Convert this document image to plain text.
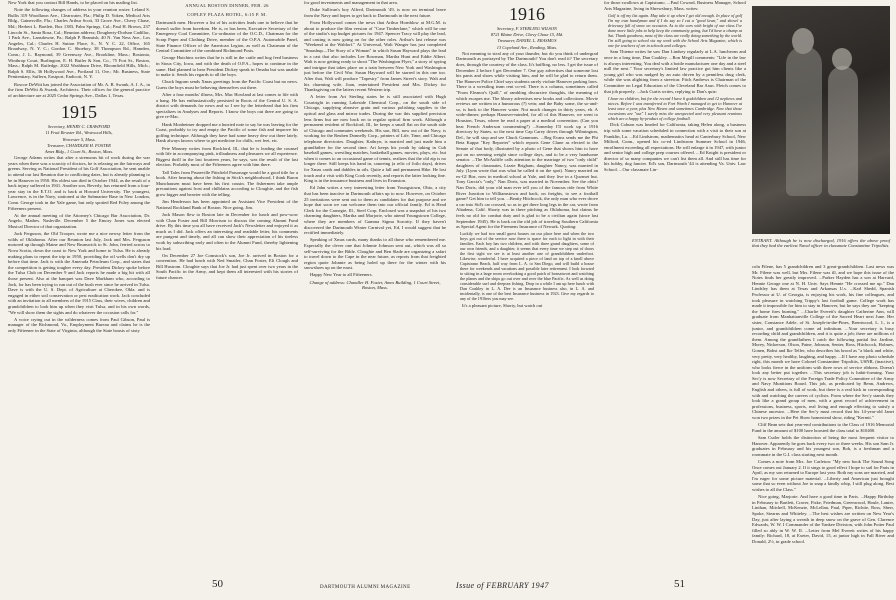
New York that you contact Bill Hands, to be placed on his mailing list.

Note the following changes of address in your reunion roster: Leland S. Bullis 319 Woodlawn Ave., Clearwater, Fla.; Philip D. Yoken, Medical Arts Bldg., Gainesville, Fla.; Charles Arthur Scott, 33 Grove Ave., Chevy Chase, Md.; Herbert L. Bartlett, Box 1383, Palm Springs, Cal.; Paul H. Brown, 237 Lincoln St., Santa Rosa, Cal.; Reunion address; Dougherty-Dodson Cadillac, 1 Park Ave., Lansdowne, Pa.; Ralph P. Beamish, 40 N. Van Ness Ave., Los Angeles, Cal.; Charles H. Sutton Place, S., N. Y. C. 22, Office, 165 Broadway, N. Y. C.; Gordon C. Shoeboy, 38 Thompson Rd., Hamden, Conn.; J. L. Raymond, 39 Greenway Ave., Brookline, Mass.; Bostonia, Winthrop Court, Burlington, E. H. Butler & Son, Co., 75 Fort St., Boston, Mass.; Ralph M. Rutledge, 2022 Washburn Drive, Bloomfield Hills, Mich.; Ralph S. Ellis, 36 Hollywood Ave., Portland 11, Ore.; Mr. Business, State Penitentiary, Suffern, Eastport, Endicott, N. Y.

Roscoe DeWitt has joined the Association of Mr. A. B. Swank, A. I. A., in the firm DeWitt & Swank, Architects. Their offices for the general practice of architecture are at 2025 Cedar Springs Ave., Dallas 1, Texas.

1915
Secretary, HENRY C. CRAWFORD
11 Fruit Rewster Rd., Westwood Hills,
Worcester 5, Mass.
Treasurer, CHANDLER H. FOSTER
Ames Bldg., 1 Court St., Boston, Mass.

George Adams writes that after a strenuous bit of work during the war years when there was a scarcity of doctors, he is relaxing on the fairways and greens. Serving as National President of his Golf Association, he sent unable to attend our last Reunion due to conflicting dates, but is already planning to be in Hanover in 1950. His oldest son died in October 1944, as the result of a back injury suffered in 1941. Another son, Beverly, has returned from a four-year stay in the E.T.O. and is back at Howard University. The youngest, Lawrence, is in the Navy, stationed at the Submarine Base in New London, Conn. George took in the Yale game, but only spotted Red Foley among the Fifteeners present.

At the annual meeting of the Attorney's Chicago Bar Association, Dr. Angelo, Mathes. Nashville. December 5 the Emory Jones was elected Musical Director of that organization.

Jack Ferguson, the Old Trooper, wrote me a nice newsy letter from the wilds of Oklahoma. After our Reunion last July, Jack and Mrs. Ferguson motored up through Maine and New Brunswick to St. John, ferried across to Nova Scotia, down the coast to New York and home to Tulsa. He is already making plans to repeat the trip in 1950, providing the oil wells don't dry up before that time. Jack is with the Amerada Petroleum Corp., and states that the competition is getting tougher every day. President Dickey spoke before the Tulsa Club on December 9 and Jack reports he made a big hit with all those present. Also at the banquet was Dave Markham who, according to Jack, for has been trying to run out of the bush ever since he arrived in Tulsa. Dave is with the U. S. Dept. of Agriculture at Cherokee, Okla. and is engaged in either soil conservation or pest eradication work. Jack concluded with an invitation to all members of the 1915 Class, their wives, children and grandchildren to look him up when they visit Tulsa, and in his own words, "We will show them the sights and do whatever the occasion calls for."

A voice crying out in the wilderness comes from Paul Gibson, Paul is manager of the Richmond, Va., Employment Bureau and claims he is the only Fifteener in the State of Virginia, although the State boasts of sixty

ANNUAL BOSTON DINNER, FEB. 26
COPLEY PLAZA HOTEL, 6:15 P. M.

Dartmouth men. However a list of his activities leads one to believe that he doesn't suffer from boredom. He is, or has been, Executive Secretary of the Emergency Coal Committee, Co-ordinator of the O.C.D., Chairman for the Scrap Paper and Clothing Drive, member of the O.P.A. Automobile Panel, State Finance Officer of the American Legion, as well as Chairman of the Central Committee of the combined Richmond Posts.

George Hutchins writes that he is still in the cattle and hog feed business in Sioux City, Iowa, and with the death of O.P.A., hopes to continue in the same. Had planned to hear President Dickey speak in Omaha but was unable to make it. Sends his regards to all the boys.

Chuck Ingram sends Xmas greetings from the Pacific Coast but no news. Guess the boys must be behaving themselves out there.

After a four months' illness, Mrs. Mac Howland at last comes to life with a bang. He has enthusiastically persisted in Roots of the Central U. S. A. district with demands for news and so I see by the letterhead that his firm specializes in Analyses and Reports. I know the boys out there are going to give re-Mac.

Hank Monheimer dropped me a hurried note to say he was leaving for the Coast, probably to try and empty the Pacific of some fish and improve his golfing technique. Although they have had some heavy dew out there lately. Hank always knows where to get medicine for chills, wet feet, etc.

Pete Monney writes from Rockford, Ill., that he is leading the counsel with life in accompanying pink, trillaukness and pleasures we all experience. Biggest thrill in the last fourteen years, he says, was the result of the last election. Probably most of the Fifteeners agree with him there.

Tall Tales from Pruneville Pittsfield Parsonage would be a good title for a book. After hearing about the fishing in Stick's neighborhood, I think Baron Munchausen must have been his first cousin. The fishermen take ample precautions against frost and chilblains according to Cloughie, and the fish grow bigger and heavier with the telling.

Jim Henderson has been appointed an Assistant Vice President of the National Rockland Bank of Boston. Nice going, Jim.

Jack Mason flew to Boston late in December for lunch and pow-wow with Chan Foster and Bill Morrison to discuss the coming Alumni Fund drive. By this time you all have received Jack's Newsletter and enjoyed it as much as I did. Jack offers an interesting and readable letter, his comments are pungent and timely, and all can show their appreciation of his tireless work by subscribing early and often to the Alumni Fund, thereby lightening his load.

On December 27 Joe Comstock's son, Joe Jr. arrived in Boston for a convention. He had lunch with Ned Smailer, Chan Foster, Eli Clough and Bill Hustrom. Cloughie says that Joe Jr. had just spent over two years in the South Pacific in the Army, and kept them all interested with his stories of future chances

for good investments and management in that area.

Duke Sullivan's boy Alfred, Dartmouth '49, is now on terminal leave from the Navy and hopes to get back to Dartmouth in the next future.

From Hollywood comes the news that Arthur Hornblow at M.G.M. is about to produce the film version of "Case Timberlane," which will be one of the studio's top budget pictures for 1947. Spencer Tracy will play the lead, and casting is now going on for the other roles. Arthur's last release was "Weekend at the Waldorf." At Universal, Walt Wanger has just completed "Smashup—The Story of a Woman" in which Susan Hayward plays the lead in a cast that also includes Lee Bowman, Martha Hunt and Eddie Albert. Walt is now getting ready to shoot "The Washington Flyer," a story of spying and intrigue that takes place on a train between New York and Washington just before the Civil War. Susan Hayward will be starred in this one too. After that, Walt will produce "Tapestry" from James Street's story. Walt and his charming wife, Joan, entertained President and Mrs. Dickey for Thanksgiving on the latters recent Western trip.

A letter from Art Sterling states he is still associated with Hugh Courtright in running Lakeside Chemical Corp., on the south side of Chicago, supplying abrasive grain and various polishing supplies to the optical and glass and mirror trades. During the war this supplied precision lens firms but are now back on to regular optical firm work. Although a permanent resident of Rockford, Ill., he keeps a small flat on the south side of Chicago and commutes weekends. His son, Bill, now out of the Navy, is working for the Reuben Donnelly Corp., printers of Life, Time, and Chicago telephone directories. Daughter, Kathryn, is married and just made him a grandfather for the second time. Art keeps his youth by taking in Cub baseball games, wrestling matches, basketball games, movies, plays, etc. but when it comes to an occasional game of tennis, realizes that the old zip is no longer there. Still keeps his hand in, canoeing (a relic of Joilo days), drives for Xmas cards and dabbles in oils. Quite a fall and permanent Hike. He lost touch and a visit with King Cook recently, and reports the latter looking fine. King is in the insurance business and lives in Evanston.

Ed Jahn writes a very interesting letter from Youngstown, Ohio, a city that has been inactive in Dartmouth affairs up to now. However, on October 25 invitations were sent out to them as candidates for that purpose and we hope that soon we can welcome them into our official family. Ed is Head Clerk for the Carnegie, Ill., Steel Corp. Enclosed was a snapshot of his two charming daughters, Martha and Marjorie, who attend Youngstown College, where they are members of Gamma Sigma Sorority. If they haven't discovered the Dartmouth Winter Carnival yet, Ed, I would suggest that he rectified immediately.

Speaking of Xmas cards, many thanks to all those who remembered me. Especially the clever one that Johnnie Johnson sent out, which was all so self-surviving for the Bible. Cloughie and Ben Slade are organizing a safari to travel down to the Cape in the near future, as reports from that freighted region quote Johnnie as being holed up there for the winter with his snowshoes up on the mast.

Happy New Year to all Fifteeners.

Change of address: Chandler H. Foster, Ames Building, 1 Court Street, Boston, Mass.

50	DARTMOUTH ALUMNI MAGAZINE
1916
Secretary, F. STERLING WILSON
8721 Blaine Drive, Chevy Chase 15, Md.
Treasurer, DANIEL L. ERASMUS
13 Copeland Ave., Reading, Mass.

Not meaning to steal any of your thunder, but do you think of undergrad Dartmouth as portrayed by The Dartmouth? You don't read it? The secretary does, through the courtesy of the class. It's baffling, no less. I get the issue of December 2 before I get December 7. One guy advertises that someone lost his pants and shoes while visiting him, and he will be glad to return them. The Hanover Police Chief says students rarely violate Hanover parking laws. There is a wrestling team rent co-ed. There is a column, sometimes called "From Eleanor's Quill," of rambling discursive thoughts, the meaning of which escapes me. The library advertises new books and collections. Movie reviews are written in a humorous (?) vein; and the Baby some, the so-and-so, is back to the Hanover water. Not much changes in thirty years, eh. A wide-dinner; perhaps Hanover-minded, for all of this Hanover, we went to Houston, Texas, where he read a paper at a medical convention. (Can you hear French Anderson commenting?) ...Someday I'll work up a 1916 directory by States, so the next time Cap Carey drives through Wilmington, Del., he will stop and see Chuck Gammons. ...Reg Evans sends me the Phi Beta Kappa "Key Reporter" which reports Gene Clune as elected to the Senate of that body, illustrated by a photo of Gene that shows him to have put on no seeming weight since college days, and to be a very handsome senator. ...The McAuliffe calls attention to the marriage of two "only child" daughters of classmates, Lizzie Brigham, daughter Nancy, was married in July. (Lynn wrote that was what he called it on the spot). Nancy married an ex-GI Birr, now in medical school at Yale, and they live in a Quonset hut. Tony Garcia's "only," Nan Doris, was married in November. See the obits! Nan Doris, did your old man ever tell you of the famous ride from White River Junction to Williamstown and back, on freights, to see a football game? Get him to tell you. ...Beatty Hitchcock, the only man who ever drove a car into Sid's car crossed, so as to get there long legs in the car, wrote from Altadena, Calif. Shorty was in there pitching as Oklahoma, but claims he feels no old for combat duty and is glad to be a civilian again (since last September 1945). He is back on the old job of traveling Southern California as Special Agent for the Firemens Insurance of Newark. Quoting:

Luckily we had two small guest houses on our place here and when the two boys got out of the service now there is space for each to light in with their families. Each boy has two children, and with three grand daughters, some of our own friends, and a daughter, it seems that every time we step out of doors the first sight we see is at least another one of grandchildren underfoot. Likewise, wonderful. I have acquired a piece of land on top of a knoll above Capistrano Beach, half way from L. A. to San Diego, and will build a house there for weekends and vacations and possible later retirement. I look forward to sitting in a large room overlooking a good patch of bonsaiwort and watching the planes and the ships go out over and over the blue Pacific. As well as doing considerable surf and deepsea fishing. Drop in a while I am up here lunch with Dan Coakley in L. A. Dee is an Insurance business also, in L. A. and incidentally, is one of the best Insurance business in 1923. Give my regards to any of the 1916ers you may see.

It's a pleasant picture, Shorty, but watch out

for those swallows at Capistrano. ...Paul Coward, Business Manager, School Arts Magazine, living in Shrewsbury, Mass. writes:

Golf is off my list again. May take it up when I get old enough. In place of golf I'm my own handyman and if I do say so I cut a "good lawn," and shovel a driveway full of snow on occasion. As to the cars with bright of our class I've done more little jobs to help keep the community going, but I'd have a chump at Sat. Thank goodness, most of the class are really doing something by the world. I'm still going to school via my work with the School Arts Magazine, which is one for teachers of art in schools and colleges.

Sam Thieme writes he saw Dan Lindsey regularly at L.A. luncheons and once in a long time, Dan Coakley. ...Ron Megill comments: "Life in the law is always interesting. You deal with a bottle manufacturer one day and a steel mill the next." Your secretary's limited law practice got him clients like a young girl who was nudged by an auto driven by a penniless drug clerk, while she was alighting from a streetcar. Fitch Andrews is Chairman of the Committee on Legal Education of the Cleveland Bar Assn. Fletch comes to that job properly. ...Jack Curtis writes, replying to Dan's quiz:

I have no children, but for the record I have 6 godchildren and 12 nephews and nieces. Before I was transferred to Fort Worth I managed to get to Hanover at least once a year, plus New Haven and sometimes Cambridge. Now that those excursions are "out" I surely miss the unexpected and very pleasant reunions which are a happy by-product of college football.

Dick Coburn was headed for California, taking Helen along, a business trip with some vacation scheduled in connection with a visit to their son at Franklin, La. ...Ed Lindstrom, mathematics head at Canterbury School, New Milford, Conn., opened his co-ed Lindstrom Summer School in 1946, enrollment exceeding all expectations. He will enlarge it in 1947, with junior and senior high and college prep courses offered. ...Ed Knight is president or director of so many companies we can't list them all. And still has time for his hobby, dog fancier. Ed's son, Dartmouth '44 is attending Va. Univ. Law School. ...Our classmate Lin-

ENTRANT. Although he is now discharged, 1916 offers the above proof that they had the earliest Naval officer in classmate Constantine Tripolitis.

coln Filene, has 5 grandchildren and 3 great-grandchildren. Last news was Mr. Filene was well, but Mrs. Filene was ill, and we hope this issue of the Notes finds her greatly improved. ...Parker Hayden has a son at Harvard, Hennie George one at N. H. Univ. Says Hennie "He crossed me up." Dan Lindsley has them at Texas and Arkansas U.s. ...Karl Shedd, Spanish Professor at U. of Georgia, is enjoying his work, his fine colleagues, and took pleasure in watching Trippy's last football game. College work has made it impossible for him to stay in Hanover, but he says they are "keeping the home fires burning." ...Charlie Everett's daughter Catherine Ann, will graduate from Manhattanville College of the Sacred Heart next June. Her sister, Constance Adele, of St. Joseph-in-the-Pines, Brentwood, L. I., is a junior, and grandchildren come ad infinitum. ...Your secretary is busy recording child and grandchildren, and it is quite a job; there are millions of them. Among the grandfathers I catch the following partial list: Jardine, Morey, Nickerson, Olson, Paine, Johnson, Senter, Ross, Hitchcock, Holmes, Gonen, Bobst and Ike Telfer, who describes his brood as "a black and white, very pretty, very healthy, laughing, and happy. ...If I have any photo schedule right, this month we have Colonel Constantine Tripolitis, USNR, (inactive), who looks fierce in the uniform with three rows of service ribbons. Doesn't look any better put together. ...This secretary job is habit-forming. Your Sec'y is now Secretary of the Foreign Trade Policy Committee of the Army and Navy Munitions Board. This job, as predicated by Benn, Andrews, English and others, is full of work, but there is a real kick in corresponding with and watching the careers of cyclists. From where the Sec'y stands they look like a grand group of men, with a great record of achievement in professions, business, sports, real living and enough effecting to satisfy a Chinese ancestor. ...Here the Sec'y must record that his 14-year-old Janet won two prizes in the Pet Show homestead show, riding "Kermit."

Cliff Bean sets that year-end contributions to the Class of 1916 Memorial Fund in the amount of $100 have boosted the class total to $10400.

Sam Cutler holds the distinction of being the most frequent visitor to Hanover. Apparently he goes back every two or three weeks. His son Sam Jr. graduates in February and his youngest son, Bob, is a freshman and a roommate in the G.I. class starting next month.

Comes a note from Mrs. Joe Carleton: "My new book The Sound Song Once comes out January 2. If it sings to good effect I hope to sail for Paris in April, as my son returned to Europe last year. Both my sons are married, and I'm eager for some picture material. ...Liberty and American just brought some that so even without Joe to snap a kindly whip, I still plug along. Best wishes to all the Class."

Nice going, Marjorie. And have a good time in Paris. ...Happy Birthday in February to Bartlett, Craver, Fiske, Friedman, Greenwood, Houle, Lanier, Linihan, Mitchell, McKenzie, McLellan, Paul, Piper, Richtie, Ross, Sherr, Spoke, Stearns and Whiteley. ...The best wishes are written on New Year's Day, just after laying a wreath in deep snow on the grave of Gen. Clarence Edwards, W. W. I Commander of the Yankee Division, with John Potter Paul filled so ably in W. W. II. ...Letter from Mel Everett writes of his happy family: Richard, 18, at Exeter, David, 15, at junior high in Fall River and Donald, 2½, in grade school.

Issue of FEBRUARY 1947	51
